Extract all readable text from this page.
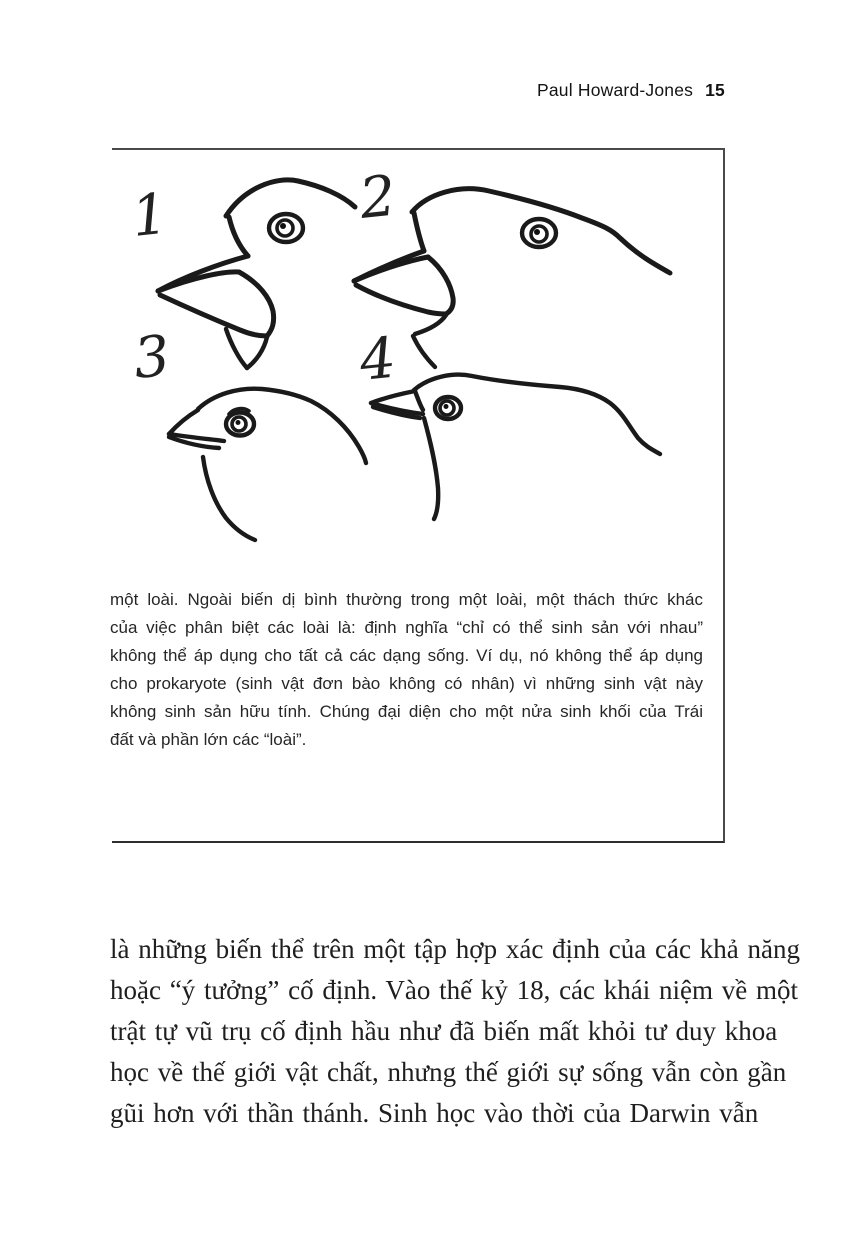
Paul Howard-Jones 15
1	2
3	4
một loài. Ngoài biến dị bình thường trong một loài, một thách thức khác
của việc phân biệt các loài là: định nghĩa “chỉ có thể sinh sản với nhau”
không thể áp dụng cho tất cả các dạng sống. Ví dụ, nó không thể áp dụng
cho prokaryote (sinh vật đơn bào không có nhân) vì những sinh vật này
không sinh sản hữu tính. Chúng đại diện cho một nửa sinh khối của Trái
đất và phần lớn các “loài”.
là những biến thể trên một tập hợp xác định của các khả năng
hoặc “ý tưởng” cố định. Vào thế kỷ 18, các khái niệm về một
trật tự vũ trụ cố định hầu như đã biến mất khỏi tư duy khoa
học về thế giới vật chất, nhưng thế giới sự sống vẫn còn gần
gũi hơn với thần thánh. Sinh học vào thời của Darwin vẫn
